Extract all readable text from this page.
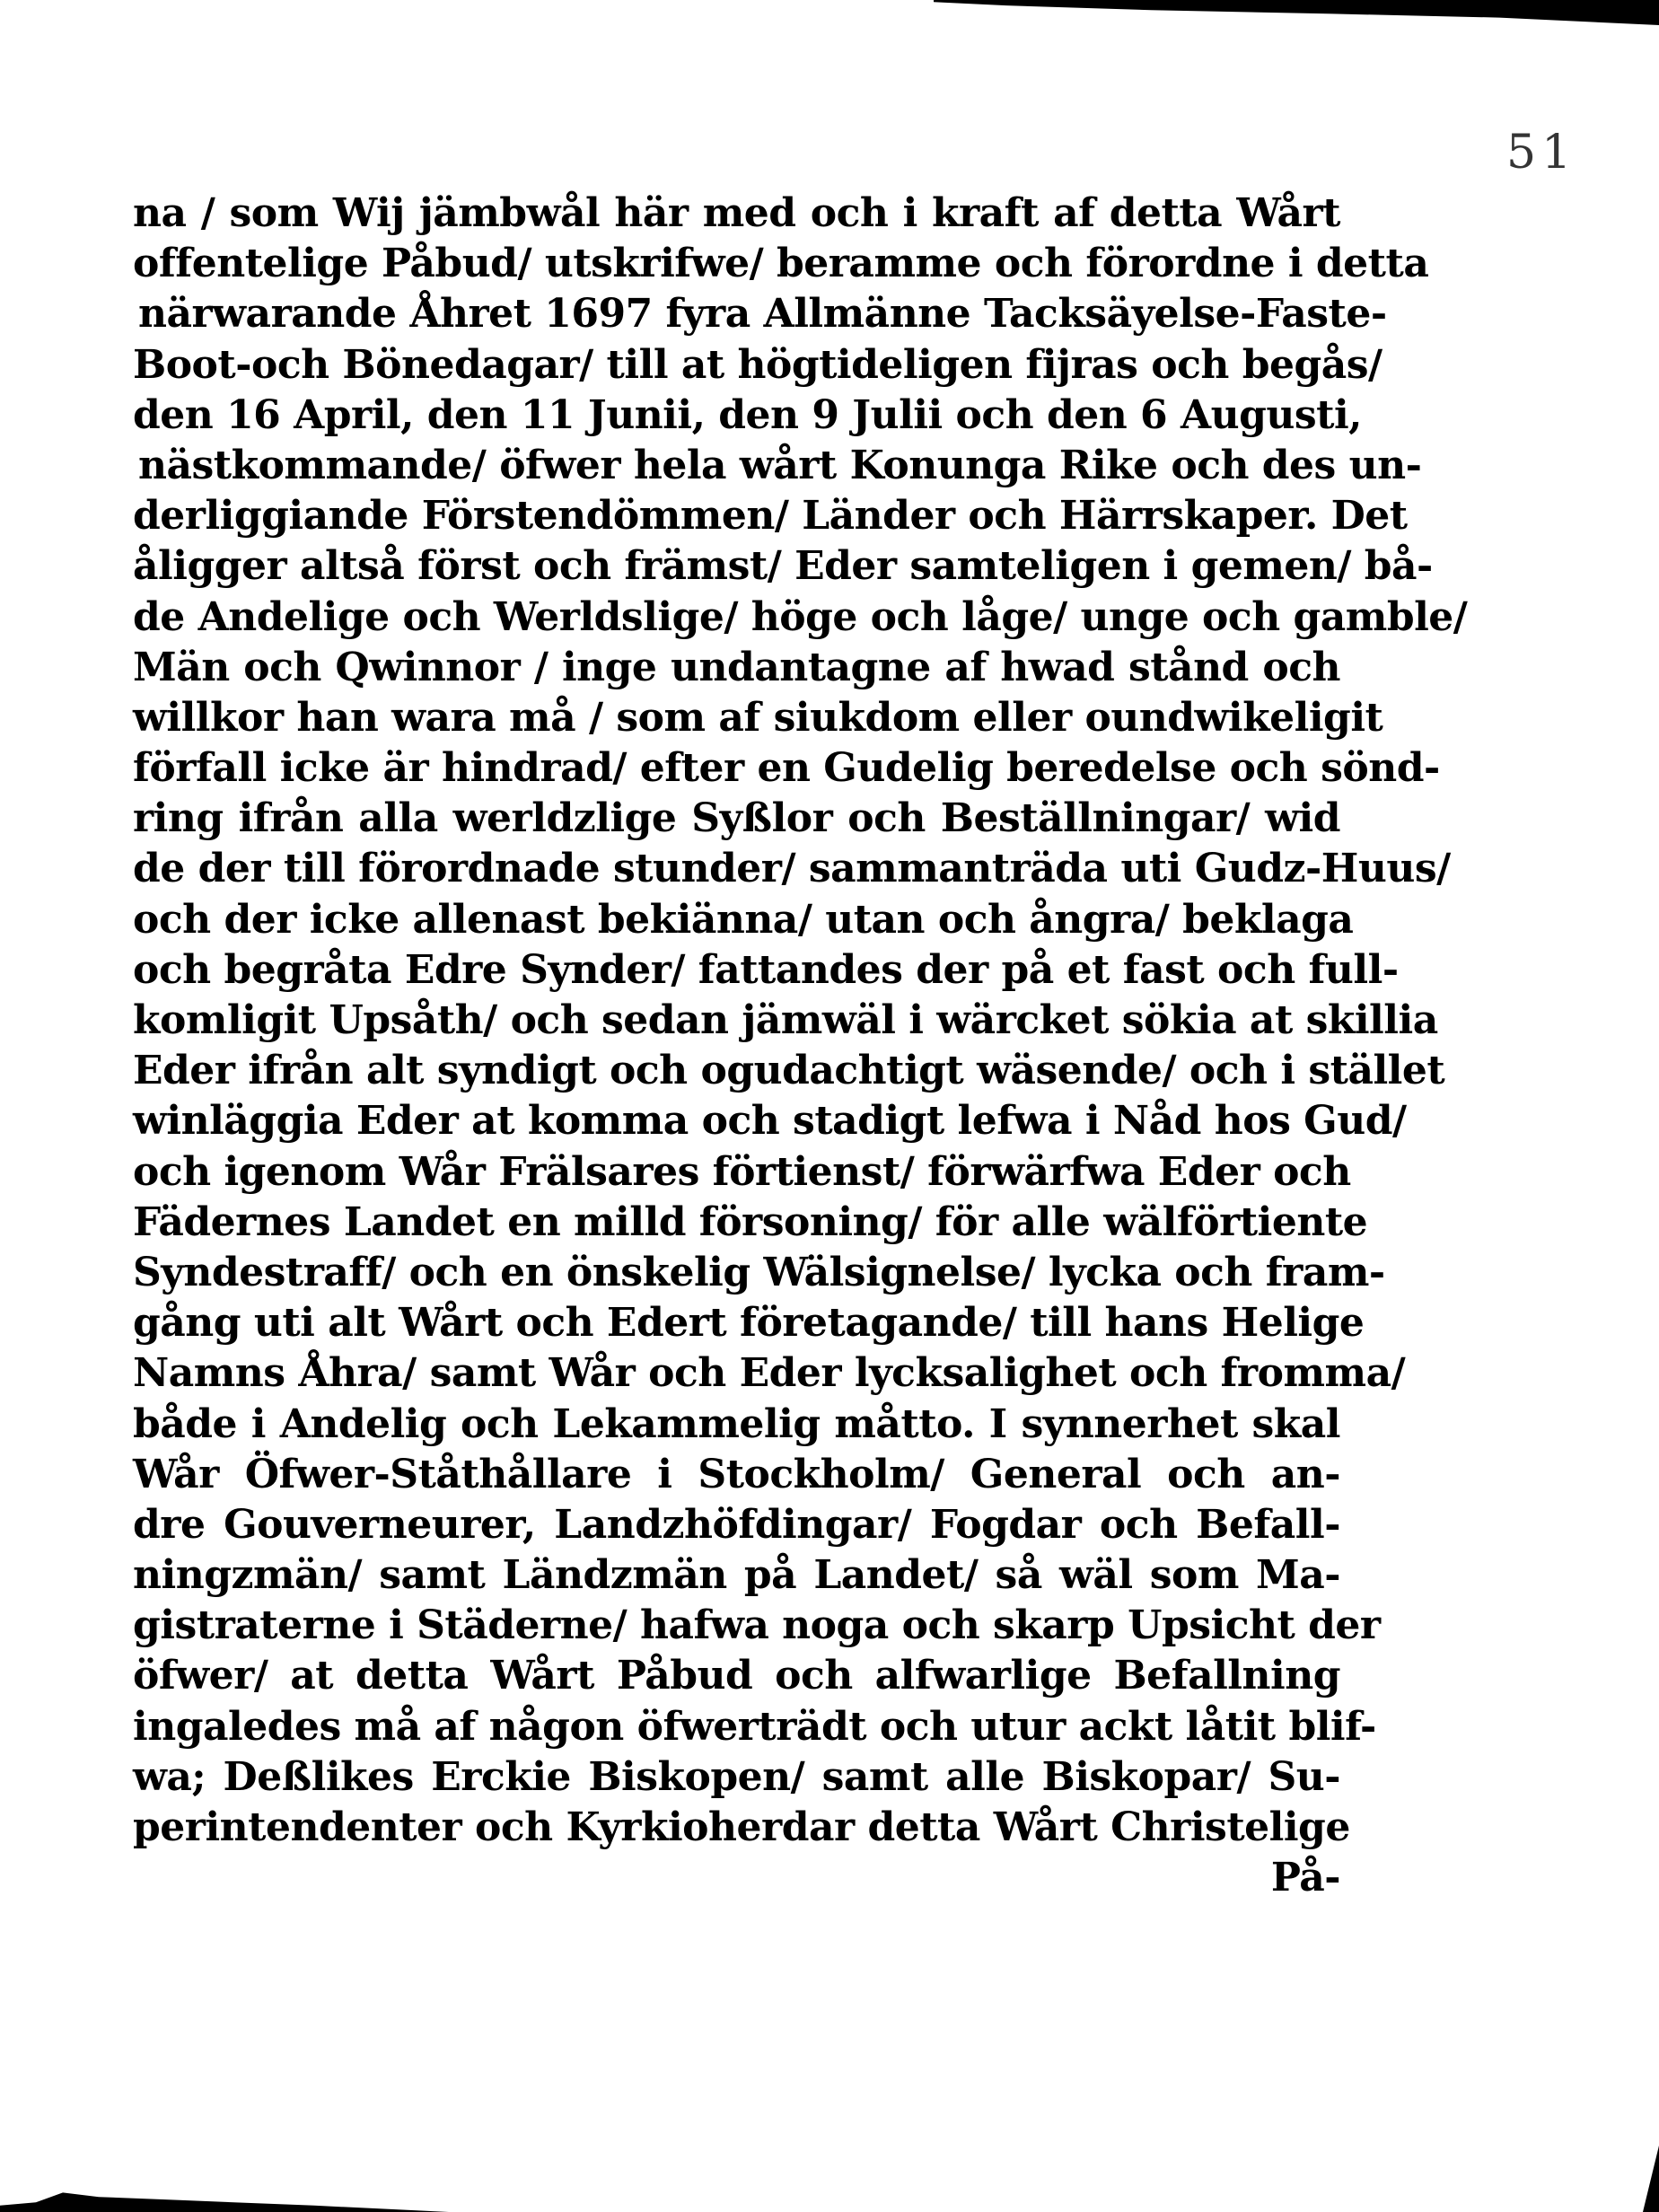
51
na / som Wij jämbwål här med och i kraft af detta Wårt
offentelige Påbud/ utskrifwe/ beramme och förordne i detta
närwarande Åhret 1697 fyra Allmänne Tacksäyelse-Faste-
Boot-och Bönedagar/ till at högtideligen fijras och begås/
den 16 April, den 11 Junii, den 9 Julii och den 6 Augusti,
nästkommande/ öfwer hela wårt Konunga Rike och des un-
derliggiande Förstendömmen/ Länder och Härrskaper. Det
åligger altså först och främst/ Eder samteligen i gemen/ bå-
de Andelige och Werldslige/ höge och låge/ unge och gamble/
Män och Qwinnor / inge undantagne af hwad stånd och
willkor han wara må / som af siukdom eller oundwikeligit
förfall icke är hindrad/ efter en Gudelig beredelse och sönd-
ring ifrån alla werldzlige Syßlor och Beställningar/ wid
de der till förordnade stunder/ sammanträda uti Gudz-Huus/
och der icke allenast bekiänna/ utan och ångra/ beklaga
och begråta Edre Synder/ fattandes der på et fast och full-
komligit Upsåth/ och sedan jämwäl i wärcket sökia at skillia
Eder ifrån alt syndigt och ogudachtigt wäsende/ och i stället
winläggia Eder at komma och stadigt lefwa i Nåd hos Gud/
och igenom Wår Frälsares förtienst/ förwärfwa Eder och
Fädernes Landet en milld försoning/ för alle wälförtiente
Syndestraff/ och en önskelig Wälsignelse/ lycka och fram-
gång uti alt Wårt och Edert företagande/ till hans Helige
Namns Åhra/ samt Wår och Eder lycksalighet och fromma/
både i Andelig och Lekammelig måtto. I synnerhet skal
Wår Öfwer-Ståthållare i Stockholm/ General och an-
dre Gouverneurer, Landzhöfdingar/ Fogdar och Befall-
ningzmän/ samt Ländzmän på Landet/ så wäl som Ma-
gistraterne i Städerne/ hafwa noga och skarp Upsicht der
öfwer/ at detta Wårt Påbud och alfwarlige Befallning
ingaledes må af någon öfwerträdt och utur ackt låtit blif-
wa; Deßlikes Erckie Biskopen/ samt alle Biskopar/ Su-
perintendenter och Kyrkioherdar detta Wårt Christelige
På-
